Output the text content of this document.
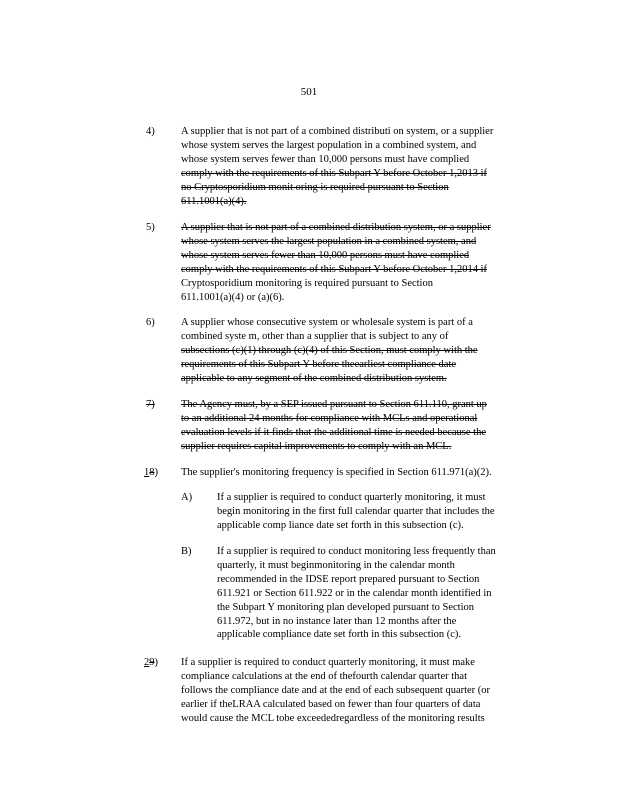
501
4)	A supplier that is not part of a combined distributi on system, or a supplier
whose system serves the largest population in a combined system, and
whose system serves fewer than 10,000 persons must have complied
comply with the requirements of this Subpart Y before October 1,2013 if
no Cryptosporidium monit oring is required pursuant to Section
611.1001(a)(4).
5)	A supplier that is not part of a combined distribution system, or a supplier
whose system serves the largest population in a combined system, and
whose system serves fewer than 10,000 persons must have complied
comply with the requirements of this Subpart Y before October 1,2014 if
Cryptosporidium monitoring is required pursuant to Section
611.1001(a)(4) or (a)(6).
6)	A supplier whose consecutive system or wholesale system is part of a
combined syste m, other than a supplier that is subject to any of
subsections (c)(1) through (c)(4) of this Section, must comply with the
requirements of this Subpart Y before theearliest compliance date
applicable to any segment of the combined distribution system.
7)	The Agency must, by a SEP issued pursuant to Section 611.110, grant up
to an additional 24 months for compliance with MCLs and operational
evaluation levels if it finds that the additional time is needed because the
supplier requires capital improvements to comply with an MCL.
18) The supplier's monitoring frequency is specified in Section 611.971(a)(2).
A) If a supplier is required to conduct quarterly monitoring, it must
begin monitoring in the first full calendar quarter that includes the
applicable comp liance date set forth in this subsection (c).
B) If a supplier is required to conduct monitoring less frequently than
quarterly, it must beginmonitoring in the calendar month
recommended in the IDSE report prepared pursuant to Section
611.921 or Section 611.922 or in the calendar month identified in
the Subpart Y monitoring plan developed pursuant to Section
611.972, but in no instance later than 12 months after the
applicable compliance date set forth in this subsection (c).
29) If a supplier is required to conduct quarterly monitoring, it must make
compliance calculations at the end of thefourth calendar quarter that
follows the compliance date and at the end of each subsequent quarter (or
earlier if theLRAA calculated based on fewer than four quarters of data
would cause the MCL tobe exceededregardless of the monitoring results
